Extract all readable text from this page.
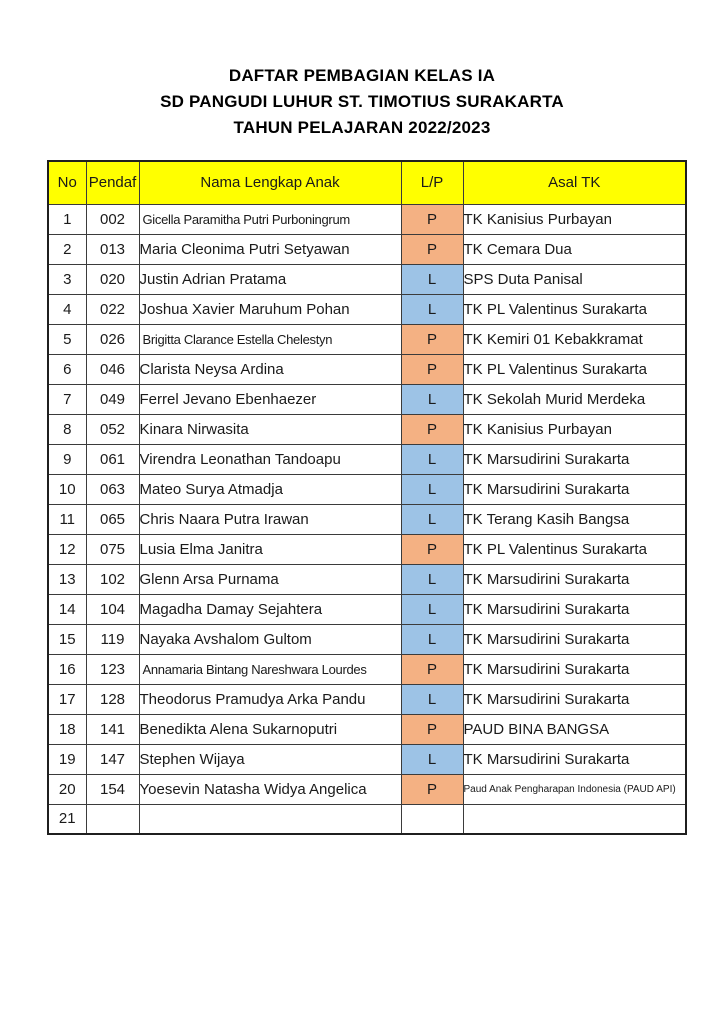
DAFTAR PEMBAGIAN KELAS IA
SD PANGUDI LUHUR ST. TIMOTIUS SURAKARTA
TAHUN PELAJARAN 2022/2023
No	Pendaf	Nama Lengkap Anak	L/P	Asal TK
1	002	Gicella Paramitha Putri Purboningrum	P	TK Kanisius Purbayan
2	013	Maria Cleonima Putri Setyawan	P	TK Cemara Dua
3	020	Justin Adrian Pratama	L	SPS Duta Panisal
4	022	Joshua Xavier Maruhum Pohan	L	TK PL Valentinus Surakarta
5	026	Brigitta Clarance Estella Chelestyn	P	TK Kemiri 01 Kebakkramat
6	046	Clarista Neysa Ardina	P	TK PL Valentinus Surakarta
7	049	Ferrel Jevano Ebenhaezer	L	TK Sekolah Murid Merdeka
8	052	Kinara Nirwasita	P	TK Kanisius Purbayan
9	061	Virendra Leonathan Tandoapu	L	TK Marsudirini Surakarta
10	063	Mateo Surya Atmadja	L	TK Marsudirini Surakarta
11	065	Chris Naara Putra Irawan	L	TK Terang Kasih Bangsa
12	075	Lusia Elma Janitra	P	TK PL Valentinus Surakarta
13	102	Glenn Arsa Purnama	L	TK Marsudirini Surakarta
14	104	Magadha Damay Sejahtera	L	TK Marsudirini Surakarta
15	119	Nayaka Avshalom Gultom	L	TK Marsudirini Surakarta
16	123	Annamaria Bintang Nareshwara Lourdes	P	TK Marsudirini Surakarta
17	128	Theodorus Pramudya Arka Pandu	L	TK Marsudirini Surakarta
18	141	Benedikta Alena Sukarnoputri	P	PAUD BINA BANGSA
19	147	Stephen Wijaya	L	TK Marsudirini Surakarta
20	154	Yoesevin Natasha Widya Angelica	P	Paud Anak Pengharapan Indonesia (PAUD API)
21				
